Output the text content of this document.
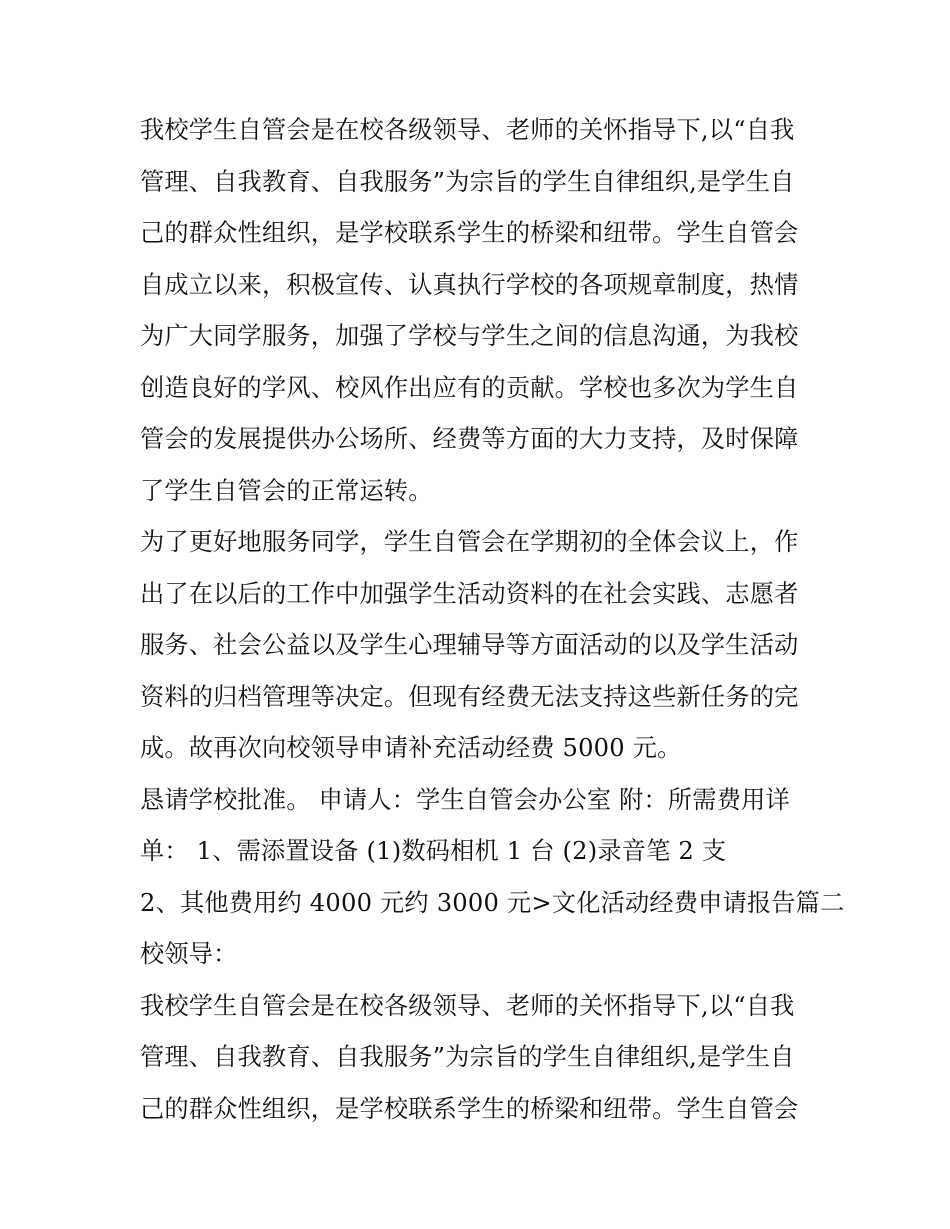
我校学生自管会是在校各级领导、老师的关怀指导下,以“自我
管理、自我教育、自我服务”为宗旨的学生自律组织,是学生自
己的群众性组织，是学校联系学生的桥梁和纽带。学生自管会
自成立以来，积极宣传、认真执行学校的各项规章制度，热情
为广大同学服务，加强了学校与学生之间的信息沟通，为我校
创造良好的学风、校风作出应有的贡献。学校也多次为学生自
管会的发展提供办公场所、经费等方面的大力支持，及时保障
了学生自管会的正常运转。
为了更好地服务同学，学生自管会在学期初的全体会议上，作
出了在以后的工作中加强学生活动资料的在社会实践、志愿者
服务、社会公益以及学生心理辅导等方面活动的以及学生活动
资料的归档管理等决定。但现有经费无法支持这些新任务的完
成。故再次向校领导申请补充活动经费 5000 元。
恳请学校批准。 申请人：学生自管会办公室 附：所需费用详
单： 1、需添置设备 (1)数码相机 1 台 (2)录音笔 2 支
2、其他费用约 4000 元约 3000 元>文化活动经费申请报告篇二
校领导：
我校学生自管会是在校各级领导、老师的关怀指导下,以“自我
管理、自我教育、自我服务”为宗旨的学生自律组织,是学生自
己的群众性组织，是学校联系学生的桥梁和纽带。学生自管会
